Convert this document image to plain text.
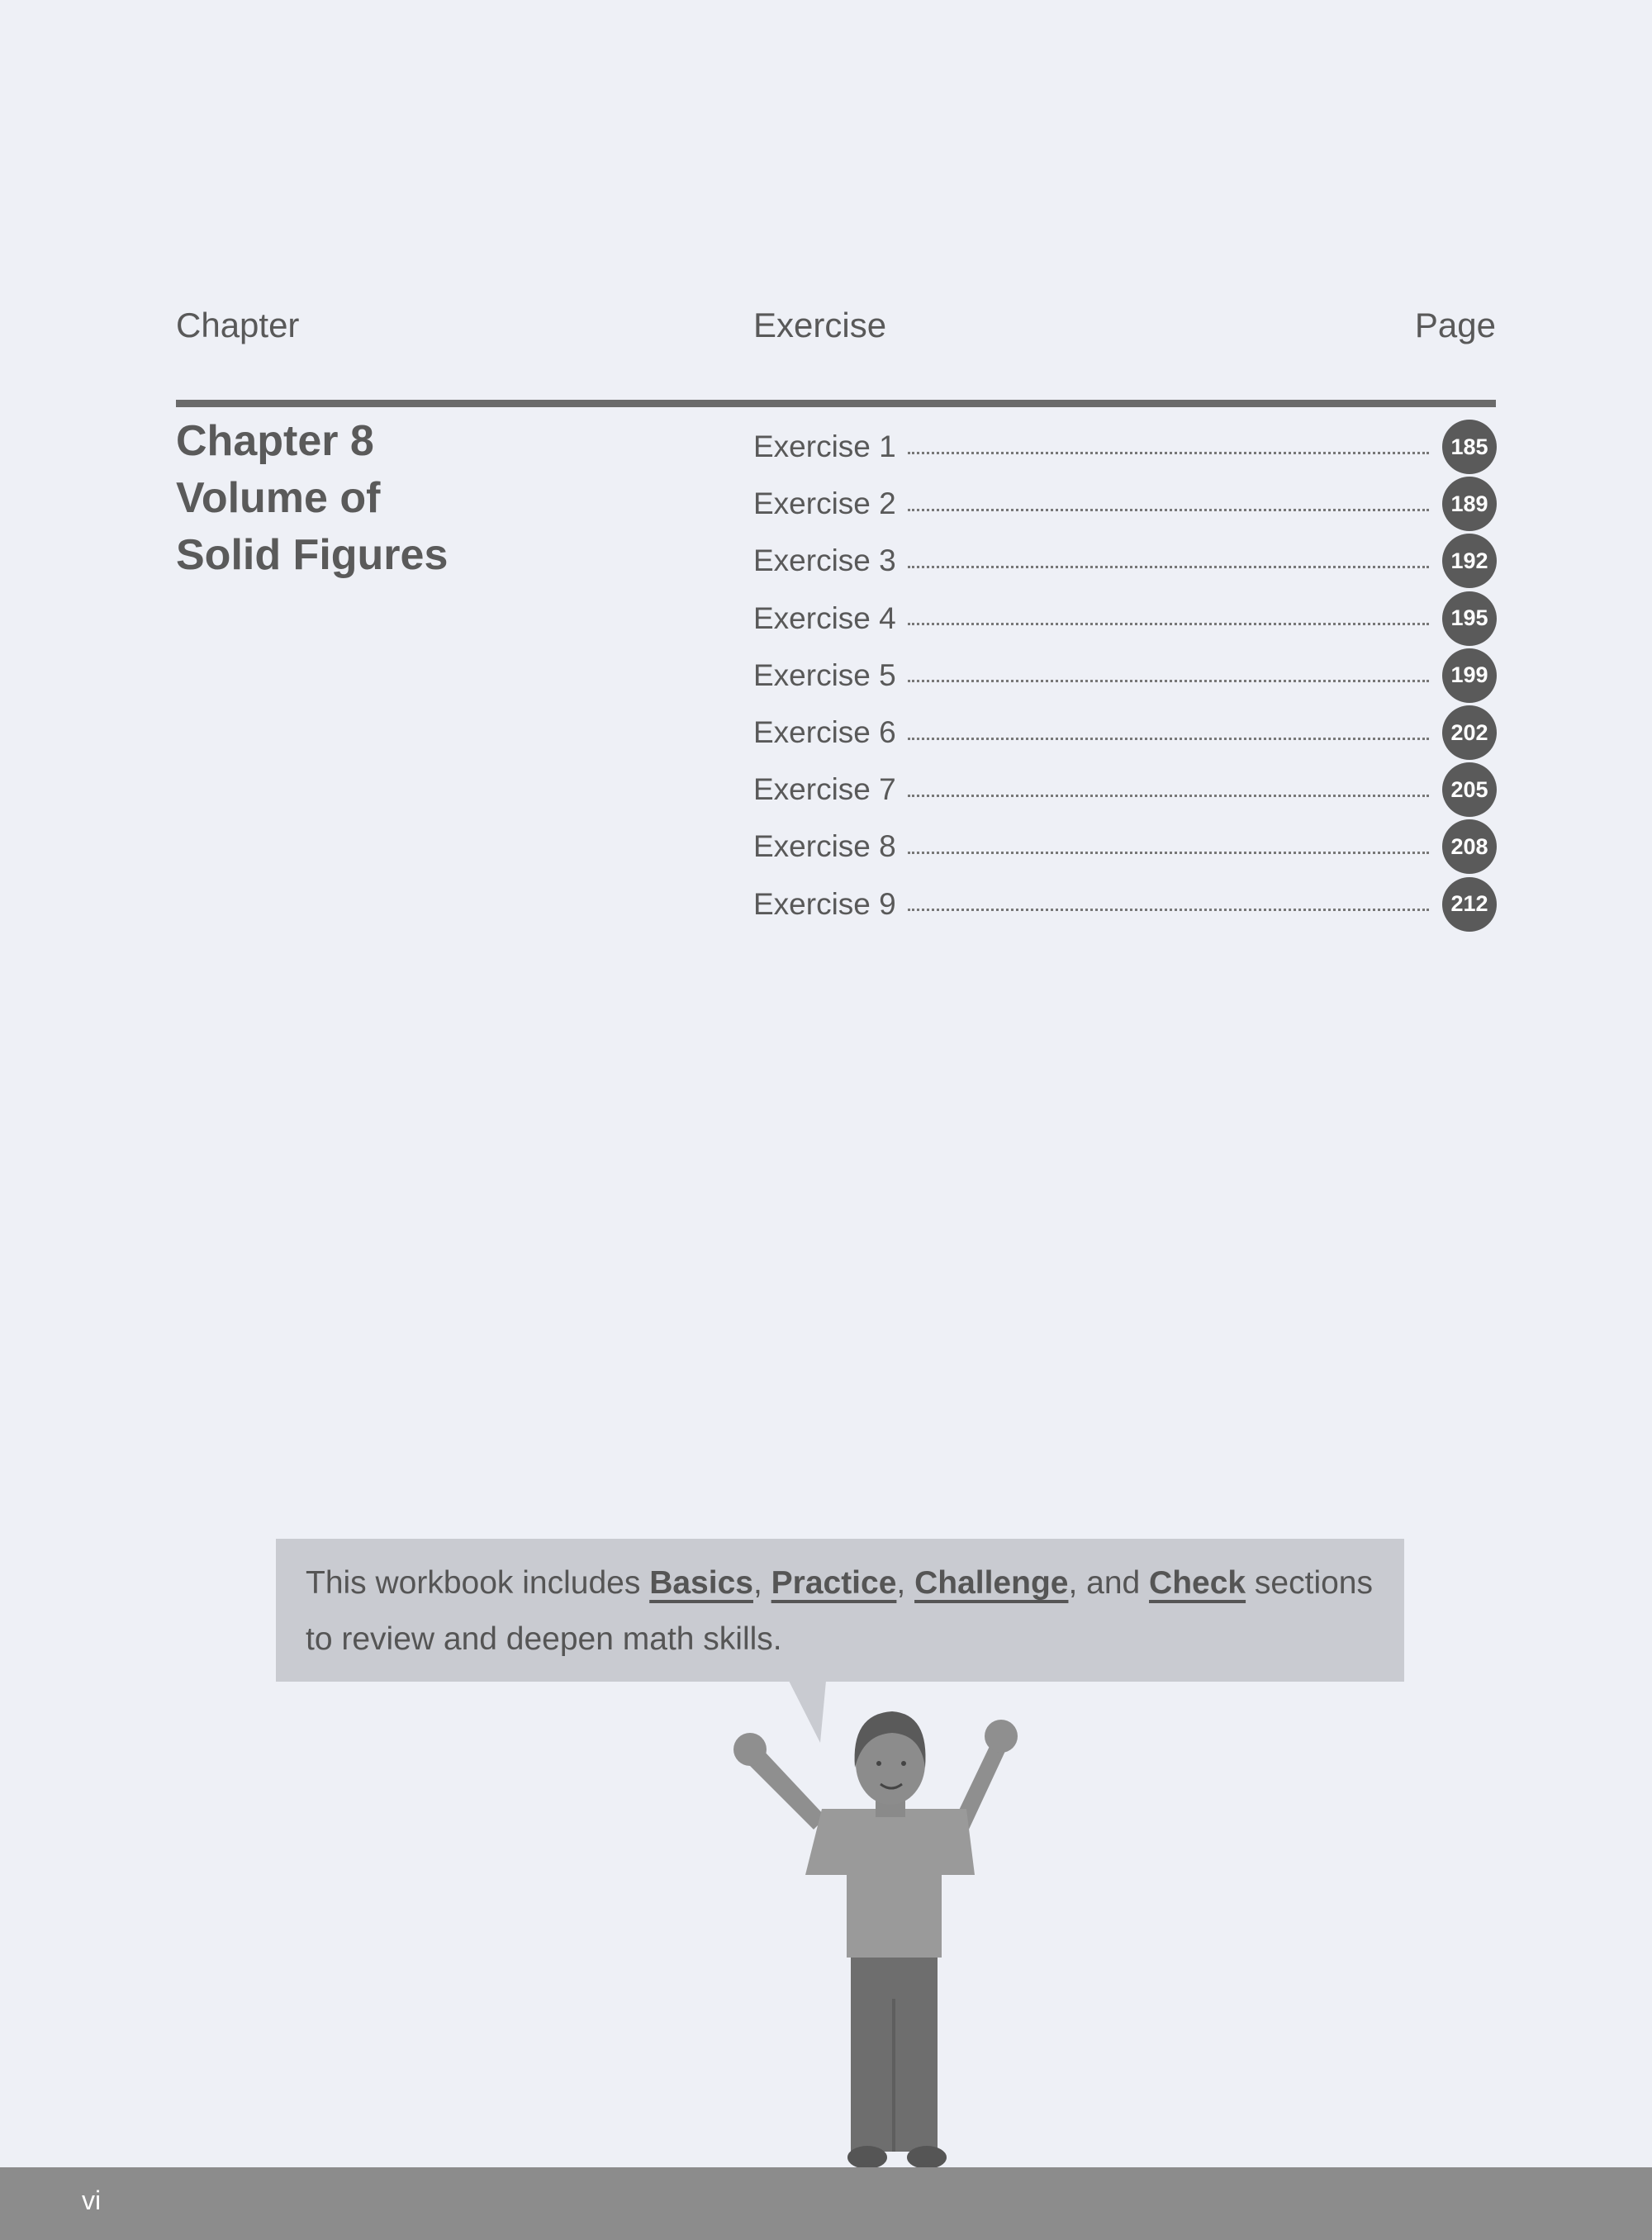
Chapter	Exercise	Page
Chapter 8
Volume of
Solid Figures
Exercise 1	185
Exercise 2	189
Exercise 3	192
Exercise 4	195
Exercise 5	199
Exercise 6	202
Exercise 7	205
Exercise 8	208
Exercise 9	212
This workbook includes Basics, Practice, Challenge, and Check sections to review and deepen math skills.
vi
